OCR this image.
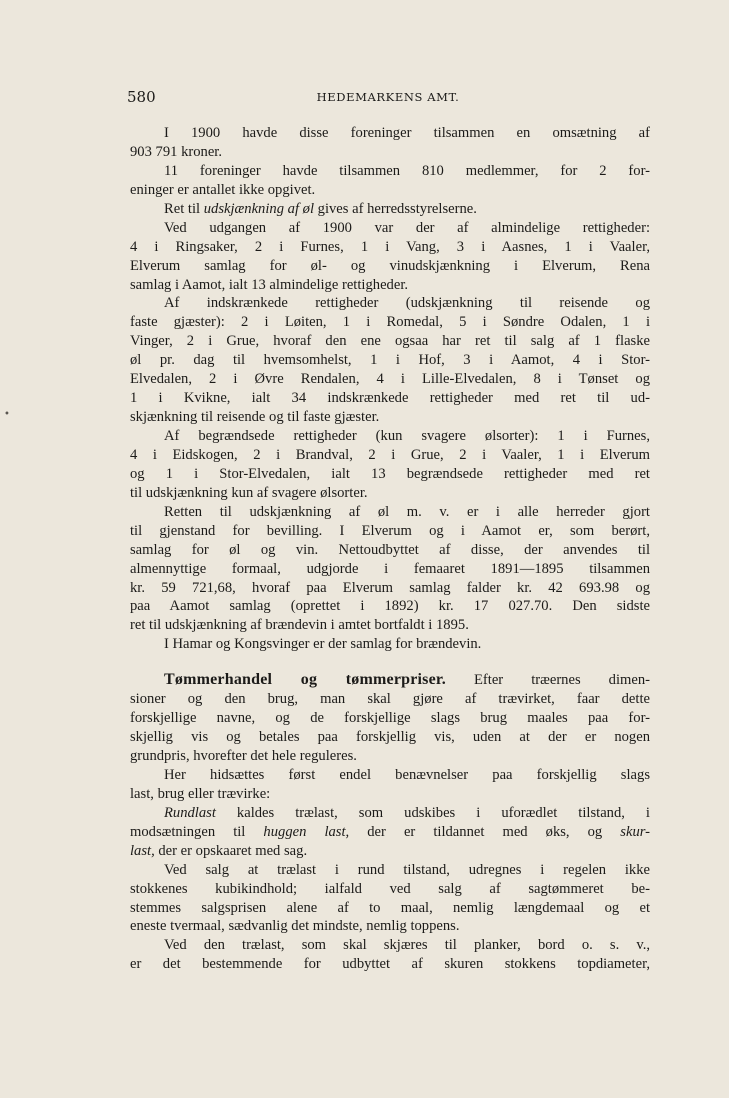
580	HEDEMARKENS AMT.
•
I 1900 havde disse foreninger tilsammen en omsætning af
903 791 kroner.
11 foreninger havde tilsammen 810 medlemmer, for 2 for-
eninger er antallet ikke opgivet.
Ret til udskjænkning af øl gives af herredsstyrelserne.
Ved udgangen af 1900 var der af almindelige rettigheder:
4 i Ringsaker, 2 i Furnes, 1 i Vang, 3 i Aasnes, 1 i Vaaler,
Elverum samlag for øl- og vinudskjænkning i Elverum, Rena
samlag i Aamot, ialt 13 almindelige rettigheder.
Af indskrænkede rettigheder (udskjænkning til reisende og
faste gjæster): 2 i Løiten, 1 i Romedal, 5 i Søndre Odalen, 1 i
Vinger, 2 i Grue, hvoraf den ene ogsaa har ret til salg af 1 flaske
øl pr. dag til hvemsomhelst, 1 i Hof, 3 i Aamot, 4 i Stor-
Elvedalen, 2 i Øvre Rendalen, 4 i Lille-Elvedalen, 8 i Tønset og
1 i Kvikne, ialt 34 indskrænkede rettigheder med ret til ud-
skjænkning til reisende og til faste gjæster.
Af begrændsede rettigheder (kun svagere ølsorter): 1 i Furnes,
4 i Eidskogen, 2 i Brandval, 2 i Grue, 2 i Vaaler, 1 i Elverum
og 1 i Stor-Elvedalen, ialt 13 begrændsede rettigheder med ret
til udskjænkning kun af svagere ølsorter.
Retten til udskjænkning af øl m. v. er i alle herreder gjort
til gjenstand for bevilling. I Elverum og i Aamot er, som berørt,
samlag for øl og vin. Nettoudbyttet af disse, der anvendes til
almennyttige formaal, udgjorde i femaaret 1891—1895 tilsammen
kr. 59 721,68, hvoraf paa Elverum samlag falder kr. 42 693.98 og
paa Aamot samlag (oprettet i 1892) kr. 17 027.70. Den sidste
ret til udskjænkning af brændevin i amtet bortfaldt i 1895.
I Hamar og Kongsvinger er der samlag for brændevin.
Tømmerhandel og tømmerpriser. Efter træernes dimen-
sioner og den brug, man skal gjøre af trævirket, faar dette
forskjellige navne, og de forskjellige slags brug maales paa for-
skjellig vis og betales paa forskjellig vis, uden at der er nogen
grundpris, hvorefter det hele reguleres.
Her hidsættes først endel benævnelser paa forskjellig slags
last, brug eller trævirke:
Rundlast kaldes trælast, som udskibes i uforædlet tilstand, i
modsætningen til huggen last, der er tildannet med øks, og skur-
last, der er opskaaret med sag.
Ved salg at trælast i rund tilstand, udregnes i regelen ikke
stokkenes kubikindhold; ialfald ved salg af sagtømmeret be-
stemmes salgsprisen alene af to maal, nemlig længdemaal og et
eneste tvermaal, sædvanlig det mindste, nemlig toppens.
Ved den trælast, som skal skjæres til planker, bord o. s. v.,
er det bestemmende for udbyttet af skuren stokkens topdiameter,
